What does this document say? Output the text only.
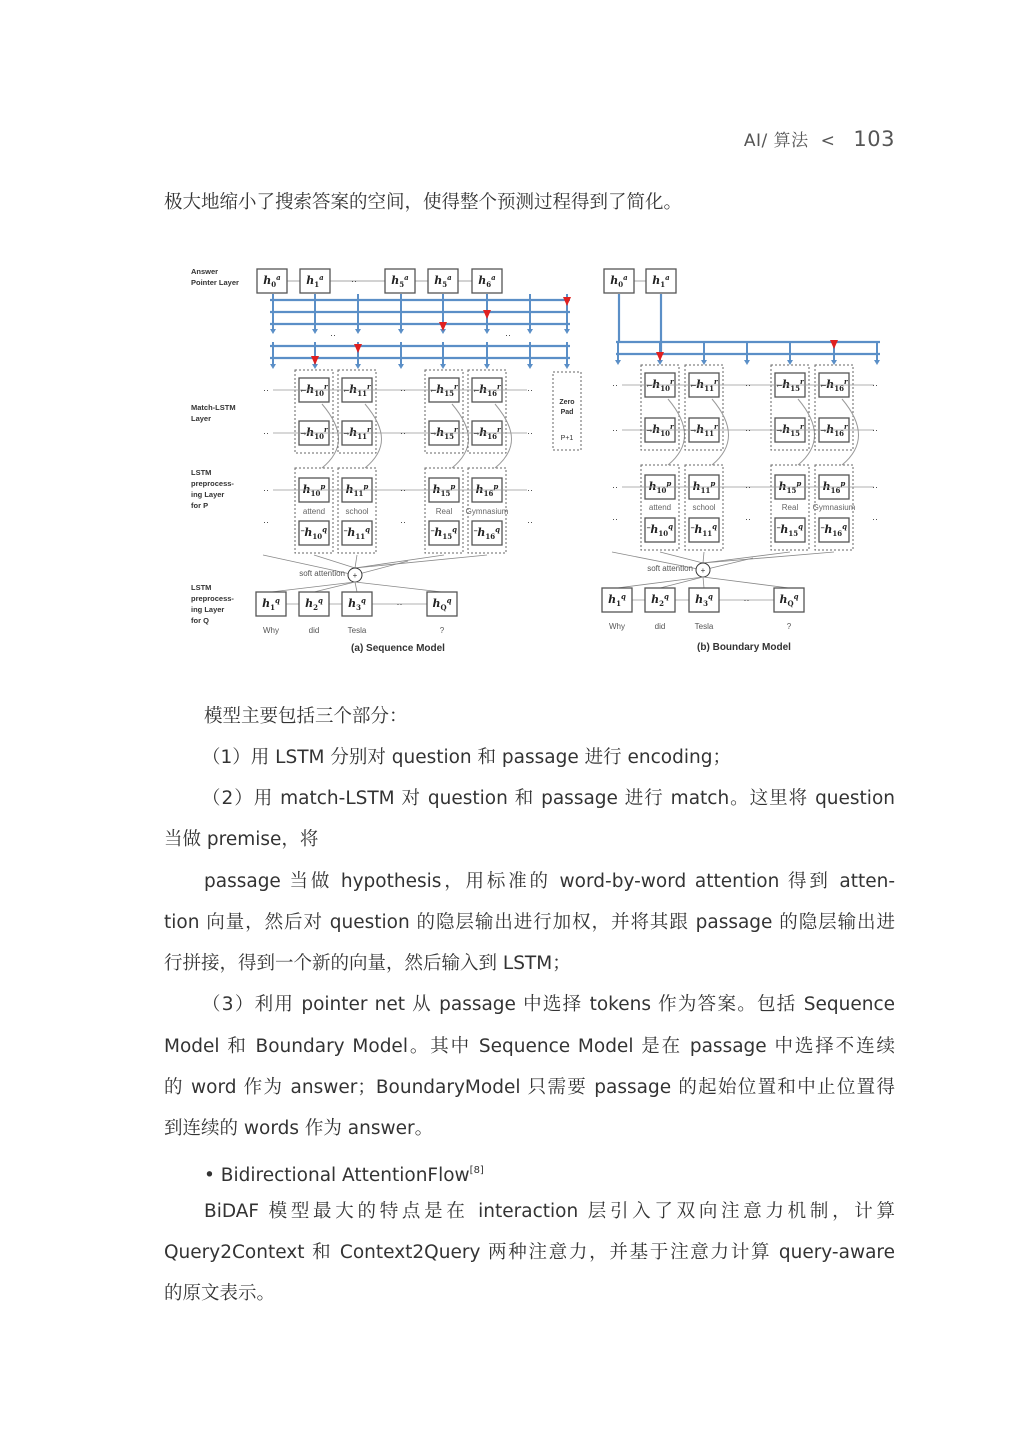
AI/ 算法 < 103
极大地缩小了搜索答案的空间，使得整个预测过程得到了简化。
Answer
Pointer Layer
Match-LSTM
Layer
LSTM
preprocess-
ing Layer
for P
LSTM
preprocess-
ing Layer
for Q
··	··
$h_0^a$ $h_1^a$	$h_5^a$ $h_5^a$ $h_6^a$
··
$\leftarrow h_{10}^r$
$\to h_{10}^r$
$h_{10}^p$
$‾h_{10}^q$
attend
$\leftarrow h_{11}^r$
$\to h_{11}^r$
$h_{11}^p$
$‾h_{11}^q$
school
$\leftarrow h_{15}^r$
$\to h_{15}^r$
$h_{15}^p$
$‾h_{15}^q$
Real
$\leftarrow h_{16}^r$
$\to h_{16}^r$
$h_{16}^p$
$‾h_{16}^q$
Gymnasium
··	··
··
··	··
··
··	··
··
··	··
··
+
soft attention
$h_1^q$
Why
$h_2^q$
did
$h_3^q$
Tesla
$h_Q^q$
?
··
Zero
Pad
P+1
(a) Sequence Model
$h_0^a$ $h_1^a$
$\leftarrow h_{10}^r$
$\to h_{10}^r$
$h_{10}^p$
$‾h_{10}^q$
attend
$\leftarrow h_{11}^r$
$\to h_{11}^r$
$h_{11}^p$
$‾h_{11}^q$
school
$\leftarrow h_{15}^r$
$\to h_{15}^r$
$h_{15}^p$
$‾h_{15}^q$
Real
$\leftarrow h_{16}^r$
$\to h_{16}^r$
$h_{16}^p$
$‾h_{16}^q$
Gymnasium
··	··
··
··	··
··
··	··
··
··	··
··
+
soft attention
$h_1^q$
Why
$h_2^q$
did
$h_3^q$
Tesla
$h_Q^q$
?
··
(b) Boundary Model
模型主要包括三个部分：
（1）用 LSTM 分别对 question 和 passage 进行 encoding；
（2）用 match-LSTM 对 question 和 passage 进行 match。这里将 question
当做 premise，将
passage 当做 hypothesis，用标准的 word-by-word attention 得到 atten-
tion 向量，然后对 question 的隐层输出进行加权，并将其跟 passage 的隐层输出进
行拼接，得到一个新的向量，然后输入到 LSTM；
（3）利用 pointer net 从 passage 中选择 tokens 作为答案。包括 Sequence
Model 和 Boundary Model。其中 Sequence Model 是在 passage 中选择不连续
的 word 作为 answer；BoundaryModel 只需要 passage 的起始位置和中止位置得
到连续的 words 作为 answer。
• Bidirectional AttentionFlow[8]
BiDAF 模型最大的特点是在 interaction 层引入了双向注意力机制，计算
Query2Context 和 Context2Query 两种注意力，并基于注意力计算 query-aware
的原文表示。
